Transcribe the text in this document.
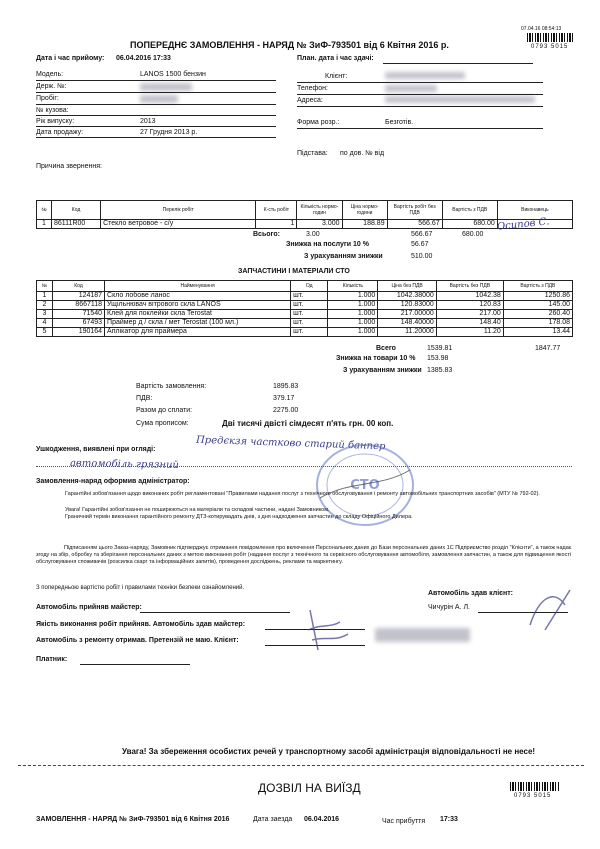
07.04.16 08:54:13
0793 5015
ПОПЕРЕДНЄ ЗАМОВЛЕННЯ - НАРЯД № ЗиФ-793501 від 6 Квітня 2016 р.
Дата і час прийому: 06.04.2016 17:33	План. дата і час здачі:
Модель:	LANOS 1500 бензин
Держ. №:
Пробіг:
№ кузова:
Рік випуску:	2013
Дата продажу:	27 Грудня 2013 р.
Клієнт:
Телефон:
Адреса:
Форма розр.:	Безготів.
Підстава: по дов. № від
Причина звернення:
№	Код	Перелік робіт	К-сть робіт	Кількість нормо-годин	Ціна нормо-години	Вартість робіт без ПДВ	Вартість з ПДВ	Виконавець
1	86111R00	Стекло ветровое - с/у	1	3.000	188.89	566.67	680.00	Осипов С.
Всього:	3.00	566.67	680.00
Знижка на послуги 10 %	56.67
З урахуванням знижки	510.00
ЗАПЧАСТИНИ І МАТЕРІАЛИ СТО
№	Код	Найменування	Од	Кількість	Ціна без ПДВ	Вартість без ПДВ	Вартість з ПДВ
1	124187	Скло лобове ланос	шт.	1.000	1042.38000	1042.38	1250.86
2	8667118	Ущільнювач вітрового скла LANOS	шт.	1.000	120.83000	120.83	145.00
3	71540	Клей для поклейки скла Terostat	шт.	1.000	217.00000	217.00	260.40
4	67493	Праймер д / скла / мет Terostat (100 мл.)	шт.	1.000	148.40000	148.40	178.08
5	190164	Аплікатор для праймера	шт.	1.000	11.20000	11.20	13.44
Всего	1539.81	1847.77
Знижка на товари 10 % 153.98
З урахуванням знижки 1385.83
Вартість замовлення:	1895.83
ПДВ:	379.17
Разом до сплати:	2275.00
Сума прописом:	Дві тисячі двісті сімдесят п'ять грн. 00 коп.
Ушкодження, виявлені при огляді:	Предєкзя частково старий банпер
автомобіль грязний
СТО
Замовлення-наряд оформив адміністратор:
Гарантійні зобов'язання щодо виконаних робіт регламентовані "Правилами надання послуг з технічного обслуговування і ремонту автомобільних транспортних засобів" (МТУ № 792-02).
Увага! Гарантійні зобов'язання не поширюються на матеріали та складові частини, надані Замовником.
Граничний термін виконання гарантійного ремонту ДТЗ-котирувадать днів, з дня надходження запчастин до складу Офіційного Дилера.
Підписанням цього Заказ-наряду, Замовник підтверджує отримання повідомлення про включення Персональних даних до Бази персональних даних 1С Підприємство розділ "Клієнти", а також надає згоду на збір, обробку та зберігання персональних даних з метою виконання робіт (надання послуг з технічного та сервісного обслуговування автомобіля, замовлення запчастин, а також для підвищення якості обслуговування споживачів (розсилка скарг та інформаційних запитів), проведення досліджень, реклами та маркетингу.
З попередньою вартістю робіт і правилами техніки безпеки ознайомлений.
Автомобіль прийняв майстер:
Якість виконання робіт прийняв. Автомобіль здав майстер:
Автомобіль з ремонту отримав. Претензій не маю. Клієнт:
Платник:
Автомобіль здав клієнт:
Чичурін А. Л.
Увага! За збереження особистих речей у транспортному засобі адміністрація відповідальності не несе!
ДОЗВІЛ НА ВИЇЗД
0793 5015
ЗАМОВЛЕННЯ - НАРЯД № ЗиФ-793501 від 6 Квітня 2016	Дата заезда 06.04.2016	Час прибуття 17:33
